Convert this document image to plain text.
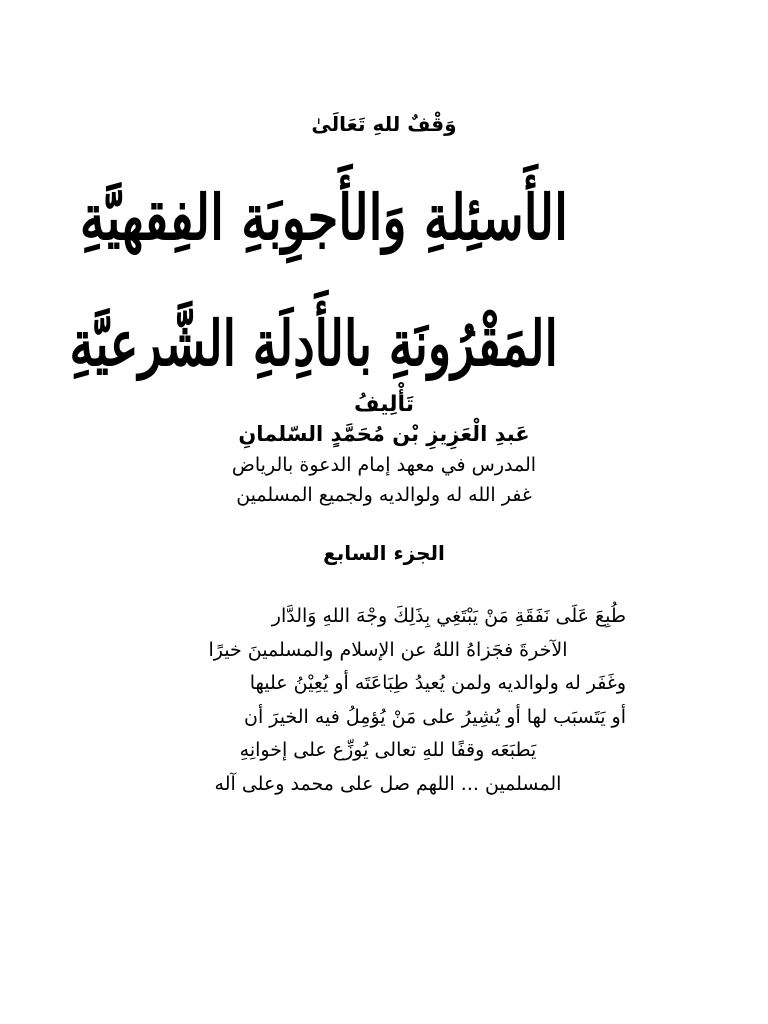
وَقْفٌ للهِ تَعَالَىٰ
الأَسئِلةِ وَالأَجوِبَةِ الفِقهيَّةِ
المَقْرُونَةِ بالأَدِلَةِ الشَّرعيَّةِ
تَأْلِيفُ
عَبدِ الْعَزِيزِ بْن مُحَمَّدٍ السّلمانِ
المدرس في معهد إمام الدعوة بالرياض
غفر الله له ولوالديه ولجميع المسلمين
الجزء السابع
طُبِعَ عَلَى نَفَقَةِ مَنْ يَبْتَغِي بِذَلِكَ وجْهَ اللهِ وَالدَّار
الآخرةَ فجَزاهُ اللهُ عن الإسلام والمسلمينَ خيرًا
وغَفَر له ولوالديه ولمن يُعيدُ طِبَاعَتَه أو يُعِيْنُ عليها
أو يَتَسبَب لها أو يُشِيرُ على مَنْ يُؤمِلُ فيه الخيرَ أن
يَطبَعَه وقفًا للهِ تعالى يُوزِّع على إخوانِهِ
المسلمين ... اللهم صل على محمد وعلى آله
